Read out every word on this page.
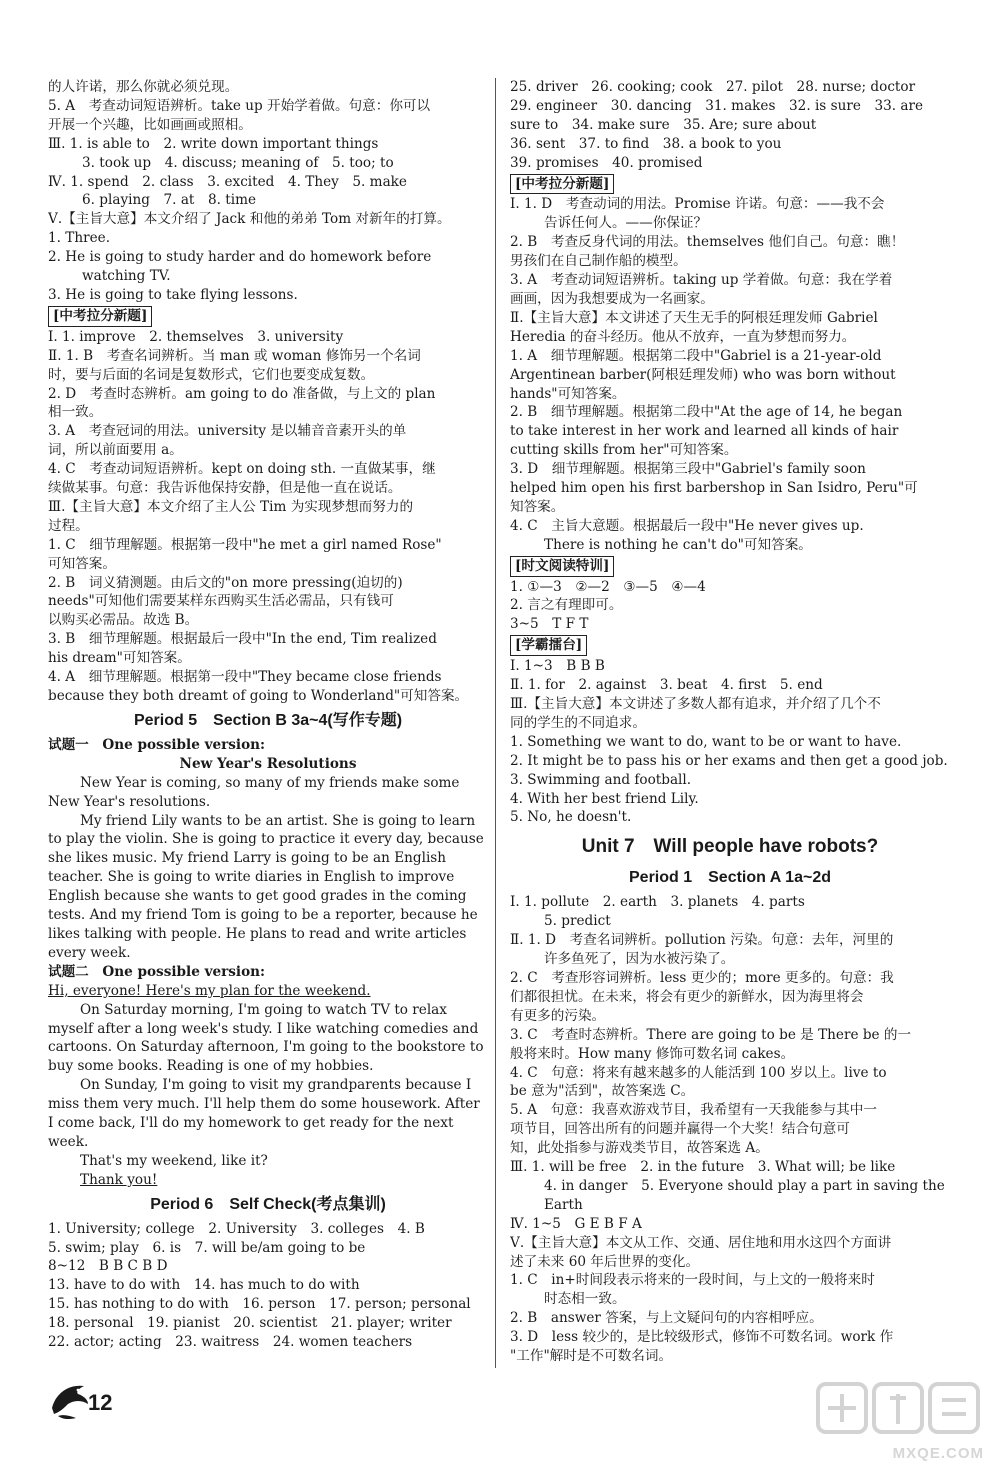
的人许诺，那么你就必须兑现。
5. A　考查动词短语辨析。take up 开始学着做。句意：你可以
开展一个兴趣，比如画画或照相。
Ⅲ. 1. is able to　2. write down important things
3. took up　4. discuss; meaning of　5. too; to
Ⅳ. 1. spend　2. class　3. excited　4. They　5. make
6. playing　7. at　8. time
Ⅴ.【主旨大意】本文介绍了 Jack 和他的弟弟 Tom 对新年的打算。
1. Three.
2. He is going to study harder and do homework before
watching TV.
3. He is going to take flying lessons.
[中考拉分新题]
Ⅰ. 1. improve　2. themselves　3. university
Ⅱ. 1. B　考查名词辨析。当 man 或 woman 修饰另一个名词
时，要与后面的名词是复数形式，它们也要变成复数。
2. D　考查时态辨析。am going to do 准备做，与上文的 plan
相一致。
3. A　考查冠词的用法。university 是以辅音音素开头的单
词，所以前面要用 a。
4. C　考查动词短语辨析。kept on doing sth. 一直做某事，继
续做某事。句意：我告诉他保持安静，但是他一直在说话。
Ⅲ.【主旨大意】本文介绍了主人公 Tim 为实现梦想而努力的
过程。
1. C　细节理解题。根据第一段中"he met a girl named Rose"
可知答案。
2. B　词义猜测题。由后文的"on more pressing(迫切的)
needs"可知他们需要某样东西购买生活必需品，只有钱可
以购买必需品。故选 B。
3. B　细节理解题。根据最后一段中"In the end, Tim realized
his dream"可知答案。
4. A　细节理解题。根据第一段中"They became close friends
because they both dreamt of going to Wonderland"可知答案。
Period 5　Section B 3a~4(写作专题)
试题一　One possible version:
New Year's Resolutions
New Year is coming, so many of my friends make some
New Year's resolutions.
My friend Lily wants to be an artist. She is going to learn
to play the violin. She is going to practice it every day, because
she likes music. My friend Larry is going to be an English
teacher. She is going to write diaries in English to improve
English because she wants to get good grades in the coming
tests. And my friend Tom is going to be a reporter, because he
likes talking with people. He plans to read and write articles
every week.
试题二　One possible version:
Hi, everyone! Here's my plan for the weekend.
On Saturday morning, I'm going to watch TV to relax
myself after a long week's study. I like watching comedies and
cartoons. On Saturday afternoon, I'm going to the bookstore to
buy some books. Reading is one of my hobbies.
On Sunday, I'm going to visit my grandparents because I
miss them very much. I'll help them do some housework. After
I come back, I'll do my homework to get ready for the next
week.
That's my weekend, like it?
Thank you!
Period 6　Self Check(考点集训)
1. University; college　2. University　3. colleges　4. B
5. swim; play　6. is　7. will be/am going to be
8~12　B B C B D
13. have to do with　14. has much to do with
15. has nothing to do with　16. person　17. person; personal
18. personal　19. pianist　20. scientist　21. player; writer
22. actor; acting　23. waitress　24. women teachers
25. driver　26. cooking; cook　27. pilot　28. nurse; doctor
29. engineer　30. dancing　31. makes　32. is sure　33. are
sure to　34. make sure　35. Are; sure about
36. sent　37. to find　38. a book to you
39. promises　40. promised
[中考拉分新题]
Ⅰ. 1. D　考查动词的用法。Promise 许诺。句意：——我不会
告诉任何人。——你保证？
2. B　考查反身代词的用法。themselves 他们自己。句意：瞧！
男孩们在自己制作船的模型。
3. A　考查动词短语辨析。taking up 学着做。句意：我在学着
画画，因为我想要成为一名画家。
Ⅱ.【主旨大意】本文讲述了天生无手的阿根廷理发师 Gabriel
Heredia 的奋斗经历。他从不放弃，一直为梦想而努力。
1. A　细节理解题。根据第二段中"Gabriel is a 21-year-old
Argentinean barber(阿根廷理发师) who was born without
hands"可知答案。
2. B　细节理解题。根据第二段中"At the age of 14, he began
to take interest in her work and learned all kinds of hair
cutting skills from her"可知答案。
3. D　细节理解题。根据第三段中"Gabriel's family soon
helped him open his first barbershop in San Isidro, Peru"可
知答案。
4. C　主旨大意题。根据最后一段中"He never gives up.
There is nothing he can't do"可知答案。
[时文阅读特训]
1. ①—3　②—2　③—5　④—4
2. 言之有理即可。
3~5　T F T
[学霸擂台]
Ⅰ. 1~3　B B B
Ⅱ. 1. for　2. against　3. beat　4. first　5. end
Ⅲ.【主旨大意】本文讲述了多数人都有追求，并介绍了几个不
同的学生的不同追求。
1. Something we want to do, want to be or want to have.
2. It might be to pass his or her exams and then get a good job.
3. Swimming and football.
4. With her best friend Lily.
5. No, he doesn't.
Unit 7　Will people have robots?
Period 1　Section A 1a~2d
Ⅰ. 1. pollute　2. earth　3. planets　4. parts
5. predict
Ⅱ. 1. D　考查名词辨析。pollution 污染。句意：去年，河里的
许多鱼死了，因为水被污染了。
2. C　考查形容词辨析。less 更少的；more 更多的。句意：我
们都很担忧。在未来，将会有更少的新鲜水，因为海里将会
有更多的污染。
3. C　考查时态辨析。There are going to be 是 There be 的一
般将来时。How many 修饰可数名词 cakes。
4. C　句意：将来有越来越多的人能活到 100 岁以上。live to
be 意为"活到"，故答案选 C。
5. A　句意：我喜欢游戏节目，我希望有一天我能参与其中一
项节目，回答出所有的问题并赢得一个大奖！结合句意可
知，此处指参与游戏类节目，故答案选 A。
Ⅲ. 1. will be free　2. in the future　3. What will; be like
4. in danger　5. Everyone should play a part in saving the
Earth
Ⅳ. 1~5　G E B F A
Ⅴ.【主旨大意】本文从工作、交通、居住地和用水这四个方面讲
述了未来 60 年后世界的变化。
1. C　in+时间段表示将来的一段时间，与上文的一般将来时
时态相一致。
2. B　answer 答案，与上文疑问句的内容相呼应。
3. D　less 较少的，是比较级形式，修饰不可数名词。work 作
"工作"解时是不可数名词。
12
MXQE.COM
